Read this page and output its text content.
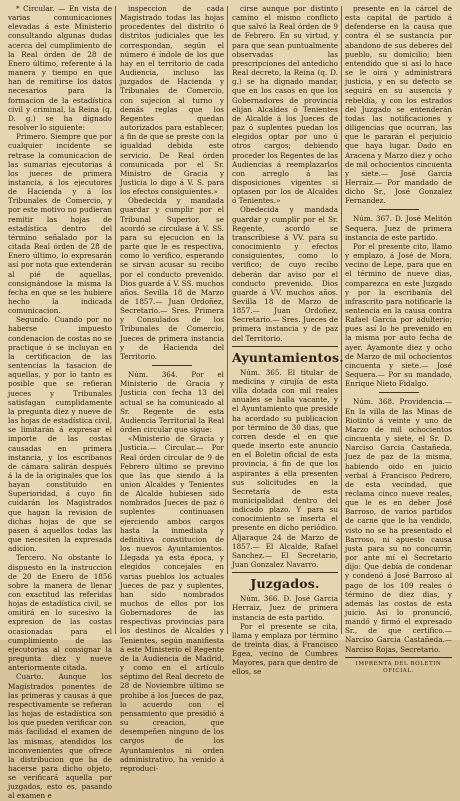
* Circular. — En vista de varias comunicaciones elevadas á este Ministerio consultando algunas dudas acerca del cumplimiento de la Real órden de 28 de Enero último, referente á la manera y tiempo en que han de remitirse los datos necesarios para la formacion de la estadística civil y criminal, la Reina (q. D. g.) se ha dignado resolver lo siguiente:

Primero. Siempre que por cualquier incidente se retrase la comunicacion de las sumarias ejecutorias á los jueces de primera instancia, á los ejecutores de Hacienda y á los Tribunales de Comercio, y por este motivo no pudieran remitir las hojas de estadística dentro del término señalado por la citada Real órden de 28 de Enero último, lo expresarán así por nota que extenderán al pié de aquellas, consignándose la misma la fecha en que se les hubiere hecho la indicada comunicacion.

Segundo. Cuando por no haberse impuesto condenacion de costas no se practique ó se incluyan en la certificacion de las sentencias la tasacion de aquellas, y por lo tanto es posible que se refieran jueces y Tribunales satisfagan cumplidamente la pregunta diez y nueve de las hojas de estadística civil, se limitarán á expresar el importe de las costas causadas en primera instancia, y los escribanos de cámara salirán después á la de la originales que los hayan constituido en Superioridad, á cuyo fin cuidarán los Magistrados que hagan la revision de dichas hojas de que se pasen á aquellos todas las que necesiten la expresada adicion.

Tercero. No obstante lo dispuesto en la instruccion de 20 de Enero de 1856 sobre la manera de llenar con exactitud las referidas hojas de estadística civil, se omitirá en lo sucesivo la expresion de las costas ocasionadas para el cumplimiento de las ejecutorias al consignar la pregunta diez y nueve anteriormente citada.

Cuarto. Aunque los Magistrados ponentes de las primeras y causas á que respectivamente se refieran las hojas de estadística son los que pueden verificar con más facilidad el examen de las mismas, atendidos los inconvenientes que ofrece la distribucion que ha de hacerse para dicho objeto, se verificará aquella por juzgados, esto es, pasando al examen e

inspeccion de cada Magistrado todas las hojas procedentes del distrito ó distritos judiciales que les correspondan, según el número é índole de los que hay en el territorio de cada Audiencia, incluso las juzgados de Hacienda y Tribunales de Comercio, con sujecion al turno y demás reglas que los Regentes quedan autorizados para establecer, á fin de que se preste con la igualdad debida este servicio. De Real órden comunicada por el Sr. Ministro de Gracia y Justicia lo digo á V. S. para los efectos consiguientes.»

Obedecida y mandada guardar y cumplir por el Tribunal Superior, se acordó se circulase á V. SS. para su ejecucion en la parte que le es respectiva, como lo verifico, esperando se sirvan acusar su recibo por el conducto prevenido. Dios guarde á V. SS. muchos años. Sevilla 18 de Marzo de 1857.— Juan Ordoñez, Secretario.— Sres. Primera y Consulados de los Tribunales de Comercio, Jueces de primera instancia y de Hacienda del Territorio.

Núm. 364. Por el Ministerio de Gracia y Justicia con fecha 13 del actual se ha comunicado al Sr. Regente de esta Audiencia Territorial la Real órden circular que sigue:

«Ministerio de Gracia y Justicia.— Circular.— Por Real órden circular de 9 de Febrero último se previno que las que siendo á la union Alcaldes y Tenientes de Alcalde hubiesen sido nombrados Jueces de paz ó suplentes continuasen ejerciendo ambos cargos hasta la inmediata y definitiva constitucion de los nuevos Ayuntamientos. Llegada ya esta época, y elegidos concejales en varias pueblos los actuales Jueces de paz y suplentes, han sido nombrados muchos de ellos por los Gobernadores de las respectivas provincias para los destinos de Alcaldes y Tenientes, según manifiesta á este Ministerio el Regente de la Audiencia de Madrid, y como en el artículo séptimo del Real decreto de 28 de Noviembre último se prohibe á los Jueces de paz, lo acuerdo con el pensamiento que presidió á su creacion, que desempeñen ninguno de los cargos de los Ayuntamientos ni orden administrativo, ha venido á reproduci-

cirse aunque por distinto camino el mismo conflicto que salvó la Real órden de 9 de Febrero. En su virtud, y para que sean puntualmente observadas las prescripciones del antedicho Real decreto, la Reina (q. D. g.) se ha dignado mandar, que en los casos en que los Gobernadores de provincia elijan Alcaldes ó Tenientes de Alcalde á los Jueces de paz ó suplentes puedan los elegidos optar por uno ú otros cargos; debiendo proceder los Regentes de las Audiencias á reemplazarlos con arreglo á las disposiciones vigentes si optasen por los de Alcaldes ó Tenientes.»

Obedecida y mandada guardar y cumplir por el Sr. Regente, acordó se transcribiese á VV. para su conocimiento y efectos consiguientes, como lo verifico; de cuyo recibo deberán dar aviso por el conducto prevenido. Dios guarde á VV. muchos años. Sevilla 18 de Marzo de 1857.— Juan Ordoñez, Secretario.— Sres. Jueces de primera instancia y de paz del Territorio.

Ayuntamientos.

Núm. 365. El titular de medicina y cirujía de esta villa dotada con mil reales anuales se halla vacante, y el Ayuntamiento que preside ha acordado su publicacion por término de 30 dias, que corren desde el en que quede inserto este anuncio en el Boletin oficial de esta provincia, á fin de que los aspirantes á ella presenten sus solicitudes en la Secretaría de esta municipalidad dentro del indicado plazo. Y para su conocimiento se inserta el presente en dicho periódico. Aljaraque 24 de Marzo de 1857.— El Alcalde, Rafael Sanchez.— El Secretario, Juan Gonzalez Navarro.

Juzgados.

Núm. 366. D. José Garcia Herraiz, Juez de primera instancia de esta partido.

Por el presente se cita, llama y emplaza por término de treinta dias, á Francisco Egea, vecino de Cumbres Mayores, para que dentro de ellos, se

presente en la cárcel de esta capital de partido á defenderse en la causa que contra él se sustancia por abandono de sus deberes del pueblo, su domicilio; bien entendido que si así lo hace se le oirá y administrará justicia, y en su defecto se seguirá en su ausencia y rebeldía, y con los estrados del Juzgado se entenderán todas las notificaciones y diligencias que ocurran, las que le pararán el perjuicio que haya lugar. Dado en Aracena y Marzo diez y ocho de mil ochocientos cincuenta y siete.— José Garcia Herraiz.— Por mandado de dicho Sr., José Gonzalez Fernandez.

Núm. 367. D. José Melitón Sequera, Juez de primera instancia de este partido.

Por el presente cito, llamo y emplazo, á José de Mora, vecino de Lepe, para que en el término de nueve dias, comparezca en este Juzgado y por la escribanía del infrascrito para notificarle la sentencia en la causa contra Rafael García por adulterio; pues así lo he prevenido en la misma por auto fecha de ayer. Ayamonte diez y ocho de Marzo de mil ochocientos cincuenta y siete.— José Sequera.— Por su mandado, Enrique Nieto Fidalgo.

Núm. 368. Providencia.— En la villa de las Minas de Riotinto á veinte y uno de Marzo de mil ochocientos cincuenta y siete, el Sr. D. Narciso Garcia Castañeda, Juez de paz de la misma, habiendo oido en juicio verbal á Francisco Pedrero, de esta vecindad, que reclama cinco nueve reales, que le es en deber José Barroso, de varios partidos de carne que le ha vendido, visto no se ha presentado el Barroso, ni apuesto causa justa para su no concurrir, por ante mí el Secretario dijo: Que debía de condenar y condenó á José Barroso al pago de los 109 reales ó término de diez dias, y además las costas de esta juicio. Así lo pronunció, mandó y firmó el expresado Sr., de que certifico.—Narciso Garcia Castañeda.—Narciso Rojas, Secretario.

IMPRENTA DEL BOLETIN OFICIAL.
